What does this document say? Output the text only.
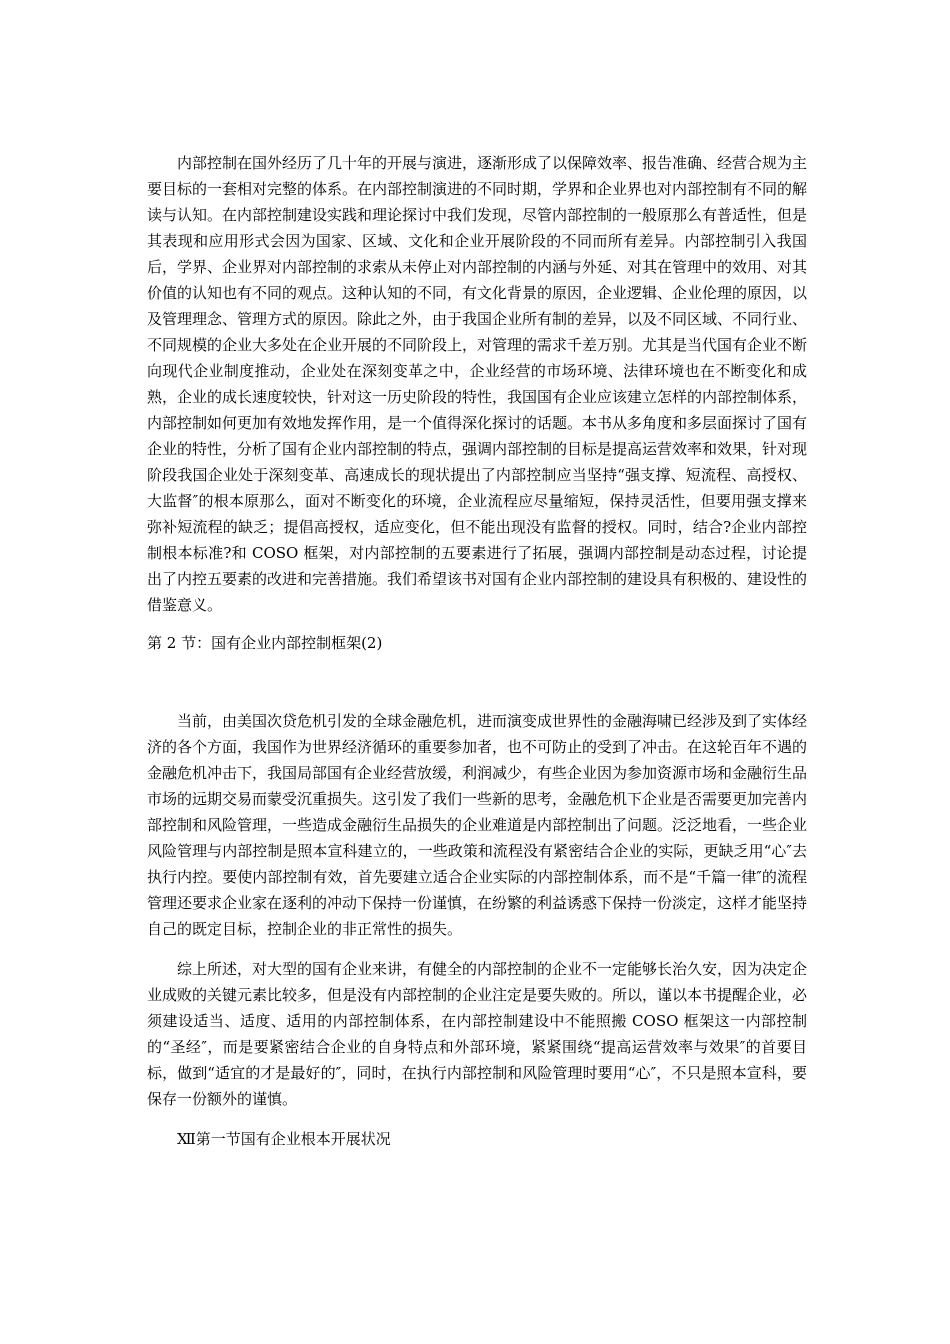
内部控制在国外经历了几十年的开展与演进，逐渐形成了以保障效率、报告准确、经营合规为主要目标的一套相对完整的体系。在内部控制演进的不同时期，学界和企业界也对内部控制有不同的解读与认知。在内部控制建设实践和理论探讨中我们发现，尽管内部控制的一般原那么有普适性，但是其表现和应用形式会因为国家、区域、文化和企业开展阶段的不同而所有差异。内部控制引入我国后，学界、企业界对内部控制的求索从未停止对内部控制的内涵与外延、对其在管理中的效用、对其价值的认知也有不同的观点。这种认知的不同，有文化背景的原因，企业逻辑、企业伦理的原因，以及管理理念、管理方式的原因。除此之外，由于我国企业所有制的差异，以及不同区域、不同行业、不同规模的企业大多处在企业开展的不同阶段上，对管理的需求千差万别。尤其是当代国有企业不断向现代企业制度推动，企业处在深刻变革之中，企业经营的市场环境、法律环境也在不断变化和成熟，企业的成长速度较快，针对这一历史阶段的特性，我国国有企业应该建立怎样的内部控制体系，内部控制如何更加有效地发挥作用，是一个值得深化探讨的话题。本书从多角度和多层面探讨了国有企业的特性，分析了国有企业内部控制的特点，强调内部控制的目标是提高运营效率和效果，针对现阶段我国企业处于深刻变革、高速成长的现状提出了内部控制应当坚持“强支撑、短流程、高授权、大监督″的根本原那么，面对不断变化的环境，企业流程应尽量缩短，保持灵活性，但要用强支撑来弥补短流程的缺乏；提倡高授权，适应变化，但不能出现没有监督的授权。同时，结合?企业内部控制根本标准?和 COSO 框架，对内部控制的五要素进行了拓展，强调内部控制是动态过程，讨论提出了内控五要素的改进和完善措施。我们希望该书对国有企业内部控制的建设具有积极的、建设性的借鉴意义。

第 2 节：国有企业内部控制框架(2)

当前，由美国次贷危机引发的全球金融危机，进而演变成世界性的金融海啸已经涉及到了实体经济的各个方面，我国作为世界经济循环的重要参加者，也不可防止的受到了冲击。在这轮百年不遇的金融危机冲击下，我国局部国有企业经营放缓，利润减少，有些企业因为参加资源市场和金融衍生品市场的远期交易而蒙受沉重损失。这引发了我们一些新的思考，金融危机下企业是否需要更加完善内部控制和风险管理，一些造成金融衍生品损失的企业难道是内部控制出了问题。泛泛地看，一些企业风险管理与内部控制是照本宣科建立的，一些政策和流程没有紧密结合企业的实际，更缺乏用“心″去执行内控。要使内部控制有效，首先要建立适合企业实际的内部控制体系，而不是“千篇一律″的流程管理还要求企业家在逐利的冲动下保持一份谨慎，在纷繁的利益诱惑下保持一份淡定，这样才能坚持自己的既定目标，控制企业的非正常性的损失。

综上所述，对大型的国有企业来讲，有健全的内部控制的企业不一定能够长治久安，因为决定企业成败的关键元素比较多，但是没有内部控制的企业注定是要失败的。所以，谨以本书提醒企业，必须建设适当、适度、适用的内部控制体系，在内部控制建设中不能照搬 COSO 框架这一内部控制的“圣经″，而是要紧密结合企业的自身特点和外部环境，紧紧围绕“提高运营效率与效果″的首要目标，做到“适宜的才是最好的″，同时，在执行内部控制和风险管理时要用“心″，不只是照本宣科，要保存一份额外的谨慎。

Ⅻ第一节国有企业根本开展状况
